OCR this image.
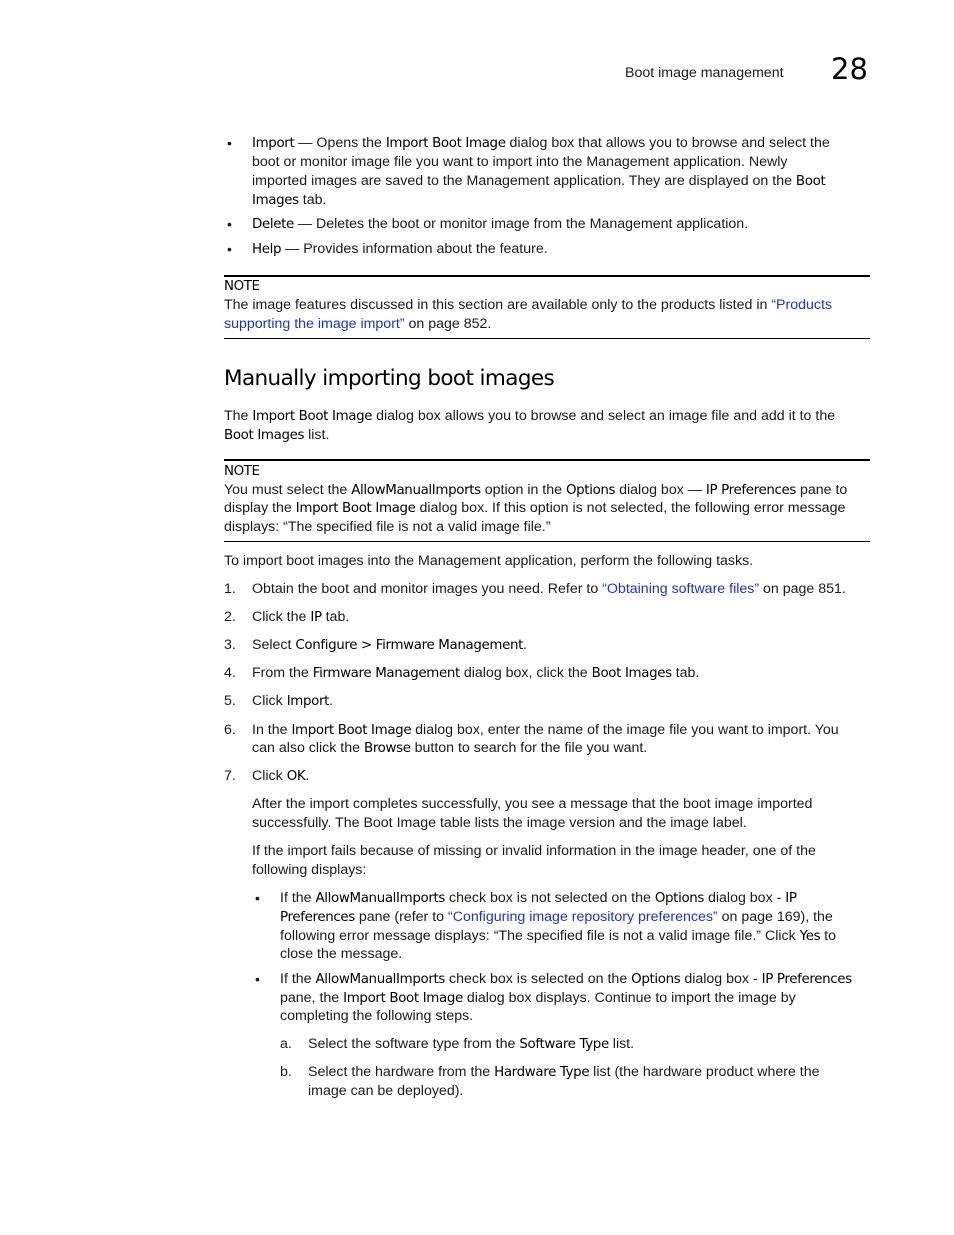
Boot image management 28
• Import — Opens the Import Boot Image dialog box that allows you to browse and select the
boot or monitor image file you want to import into the Management application. Newly
imported images are saved to the Management application. They are displayed on the Boot
Images tab.
• Delete — Deletes the boot or monitor image from the Management application.
• Help — Provides information about the feature.
NOTE
The image features discussed in this section are available only to the products listed in “Products
supporting the image import” on page 852.
Manually importing boot images
The Import Boot Image dialog box allows you to browse and select an image file and add it to the
Boot Images list.
NOTE
You must select the AllowManualImports option in the Options dialog box — IP Preferences pane to
display the Import Boot Image dialog box. If this option is not selected, the following error message
displays: “The specified file is not a valid image file.”
To import boot images into the Management application, perform the following tasks.
1. Obtain the boot and monitor images you need. Refer to “Obtaining software files” on page 851.
2. Click the IP tab.
3. Select Configure > Firmware Management.
4. From the Firmware Management dialog box, click the Boot Images tab.
5. Click Import.
6. In the Import Boot Image dialog box, enter the name of the image file you want to import. You
can also click the Browse button to search for the file you want.
7. Click OK.
After the import completes successfully, you see a message that the boot image imported
successfully. The Boot Image table lists the image version and the image label.
If the import fails because of missing or invalid information in the image header, one of the
following displays:
• If the AllowManualImports check box is not selected on the Options dialog box - IP
Preferences pane (refer to “Configuring image repository preferences” on page 169), the
following error message displays: “The specified file is not a valid image file.” Click Yes to
close the message.
• If the AllowManualImports check box is selected on the Options dialog box - IP Preferences
pane, the Import Boot Image dialog box displays. Continue to import the image by
completing the following steps.
a. Select the software type from the Software Type list.
b. Select the hardware from the Hardware Type list (the hardware product where the
image can be deployed).
